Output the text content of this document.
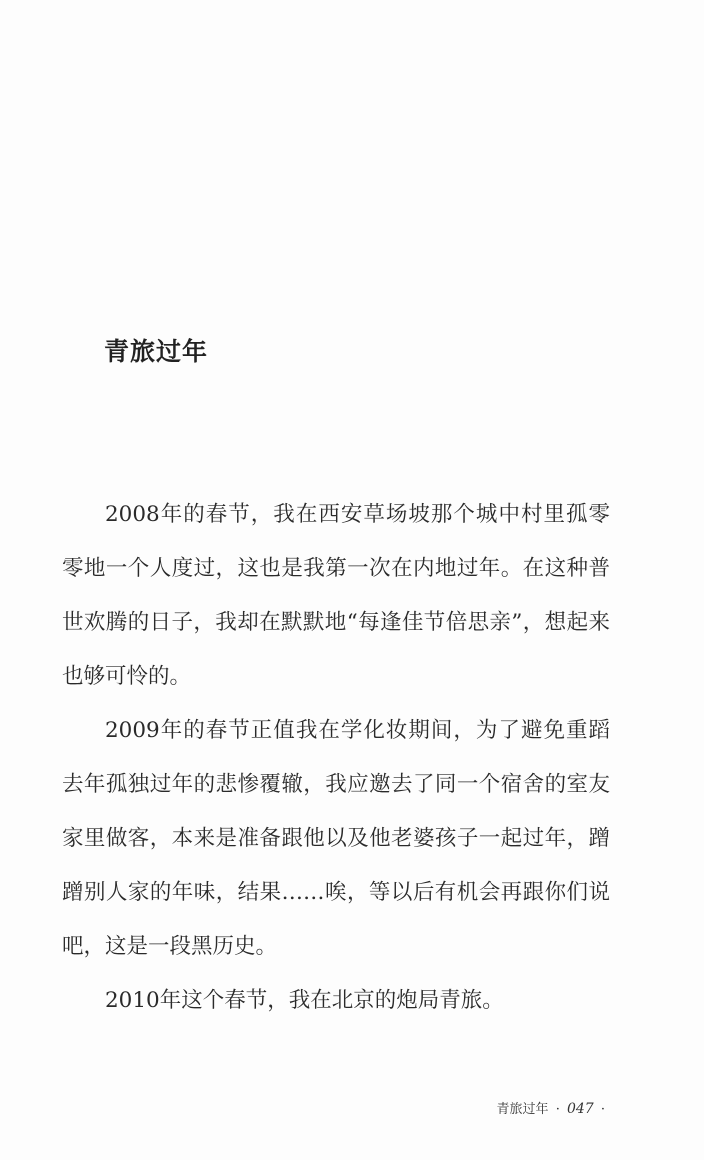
青旅过年

2008年的春节，我在西安草场坡那个城中村里孤零零地一个人度过，这也是我第一次在内地过年。在这种普世欢腾的日子，我却在默默地“每逢佳节倍思亲”，想起来也够可怜的。

2009年的春节正值我在学化妆期间，为了避免重蹈去年孤独过年的悲惨覆辙，我应邀去了同一个宿舍的室友家里做客，本来是准备跟他以及他老婆孩子一起过年，蹭蹭别人家的年味，结果……唉，等以后有机会再跟你们说吧，这是一段黑历史。

2010年这个春节，我在北京的炮局青旅。

青旅过年 · 047 ·
